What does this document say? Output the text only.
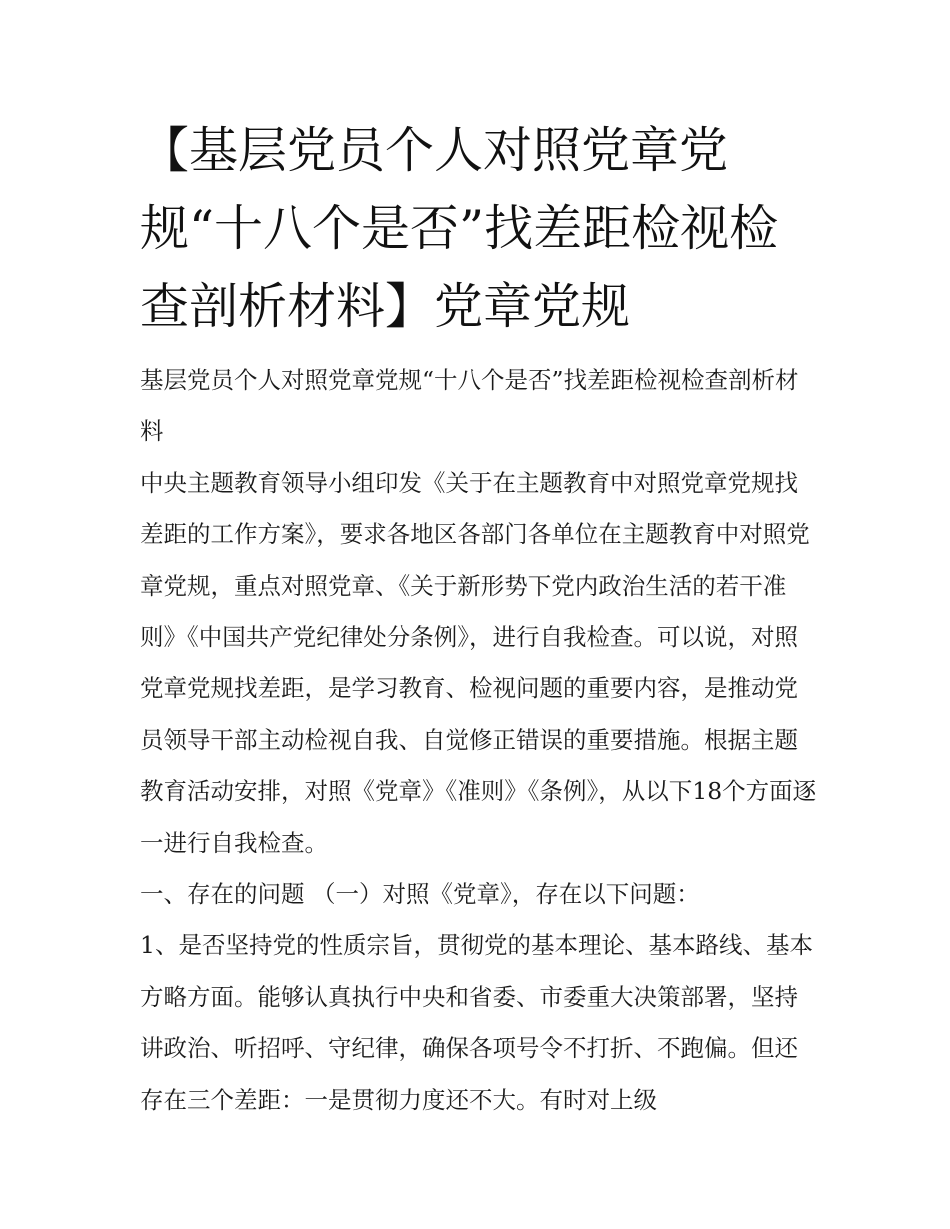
【基层党员个人对照党章党规“十八个是否”找差距检视检查剖析材料】党章党规

基层党员个人对照党章党规“十八个是否”找差距检视检查剖析材料

中央主题教育领导小组印发《关于在主题教育中对照党章党规找差距的工作方案》，要求各地区各部门各单位在主题教育中对照党章党规，重点对照党章、《关于新形势下党内政治生活的若干准则》《中国共产党纪律处分条例》，进行自我检查。可以说，对照党章党规找差距，是学习教育、检视问题的重要内容，是推动党员领导干部主动检视自我、自觉修正错误的重要措施。根据主题教育活动安排，对照《党章》《准则》《条例》，从以下18个方面逐一进行自我检查。

一、存在的问题 （一）对照《党章》，存在以下问题：

1、是否坚持党的性质宗旨，贯彻党的基本理论、基本路线、基本方略方面。能够认真执行中央和省委、市委重大决策部署，坚持讲政治、听招呼、守纪律，确保各项号令不打折、不跑偏。但还存在三个差距：一是贯彻力度还不大。有时对上级
